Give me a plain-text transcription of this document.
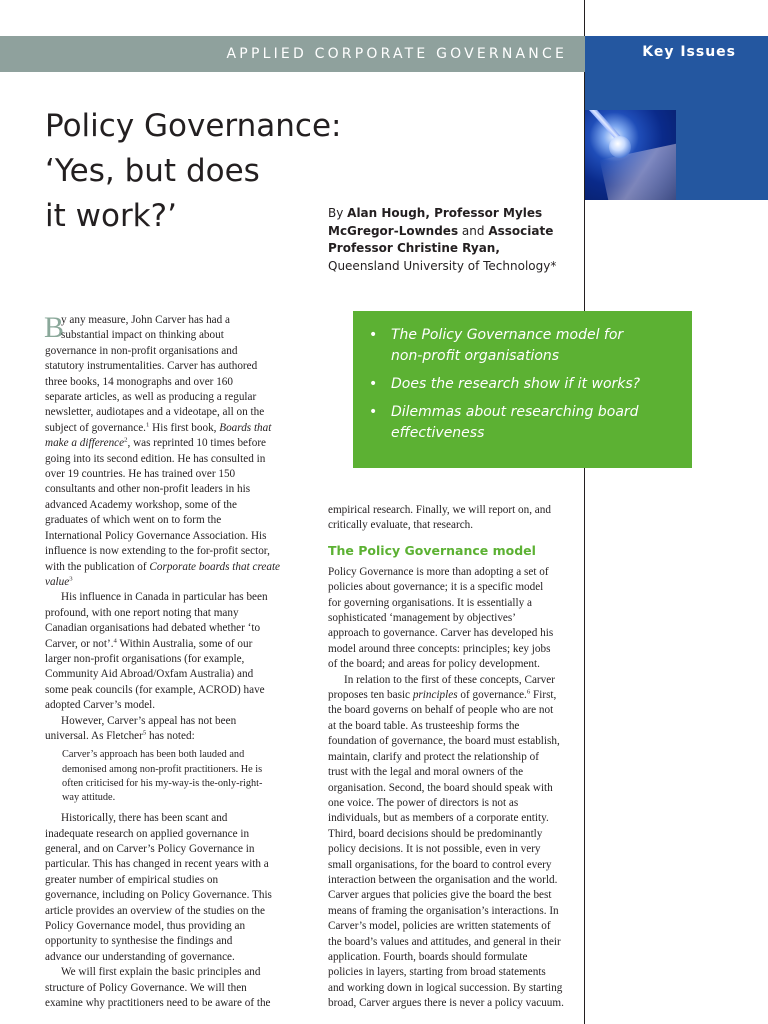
APPLIED CORPORATE GOVERNANCE	Key Issues
Policy Governance:
‘Yes, but does
it work?’	By Alan Hough, Professor Myles
McGregor-Lowndes and Associate
Professor Christine Ryan,
Queensland University of Technology*
• The Policy Governance model for
non-profit organisations
• Does the research show if it works?
• Dilemmas about researching board
effectiveness
B

y any measure, John Carver has had a

substantial impact on thinking about

governance in non-profit organisations and

statutory instrumentalities. Carver has authored

three books, 14 monographs and over 160

separate articles, as well as producing a regular

newsletter, audiotapes and a videotape, all on the

subject of governance.$^1$ His first book, Boards that

make a difference$^2$, was reprinted 10 times before

going into its second edition. He has consulted in

over 19 countries. He has trained over 150

consultants and other non-profit leaders in his

advanced Academy workshop, some of the

graduates of which went on to form the

International Policy Governance Association. His

influence is now extending to the for-profit sector,

with the publication of Corporate boards that create

value$^3$

His influence in Canada in particular has been

profound, with one report noting that many

Canadian organisations had debated whether ‘to

Carver, or not’.$^4$ Within Australia, some of our

larger non-profit organisations (for example,

Community Aid Abroad/Oxfam Australia) and

some peak councils (for example, ACROD) have

adopted Carver’s model.

However, Carver’s appeal has not been

universal. As Fletcher$^5$ has noted:

Carver’s approach has been both lauded and

demonised among non-profit practitioners. He is

often criticised for his my-way-is the-only-right-

way attitude.

Historically, there has been scant and

inadequate research on applied governance in

general, and on Carver’s Policy Governance in

particular. This has changed in recent years with a

greater number of empirical studies on

governance, including on Policy Governance. This

article provides an overview of the studies on the

Policy Governance model, thus providing an

opportunity to synthesise the findings and

advance our understanding of governance.

We will first explain the basic principles and

structure of Policy Governance. We will then

examine why practitioners need to be aware of the

empirical research. Finally, we will report on, and

critically evaluate, that research.

The Policy Governance model

Policy Governance is more than adopting a set of

policies about governance; it is a specific model

for governing organisations. It is essentially a

sophisticated ‘management by objectives’

approach to governance. Carver has developed his

model around three concepts: principles; key jobs

of the board; and areas for policy development.

In relation to the first of these concepts, Carver

proposes ten basic principles of governance.$^6$ First,

the board governs on behalf of people who are not

at the board table. As trusteeship forms the

foundation of governance, the board must establish,

maintain, clarify and protect the relationship of

trust with the legal and moral owners of the

organisation. Second, the board should speak with

one voice. The power of directors is not as

individuals, but as members of a corporate entity.

Third, board decisions should be predominantly

policy decisions. It is not possible, even in very

small organisations, for the board to control every

interaction between the organisation and the world.

Carver argues that policies give the board the best

means of framing the organisation’s interactions. In

Carver’s model, policies are written statements of

the board’s values and attitudes, and general in their

application. Fourth, boards should formulate

policies in layers, starting from broad statements

and working down in logical succession. By starting

broad, Carver argues there is never a policy vacuum.
